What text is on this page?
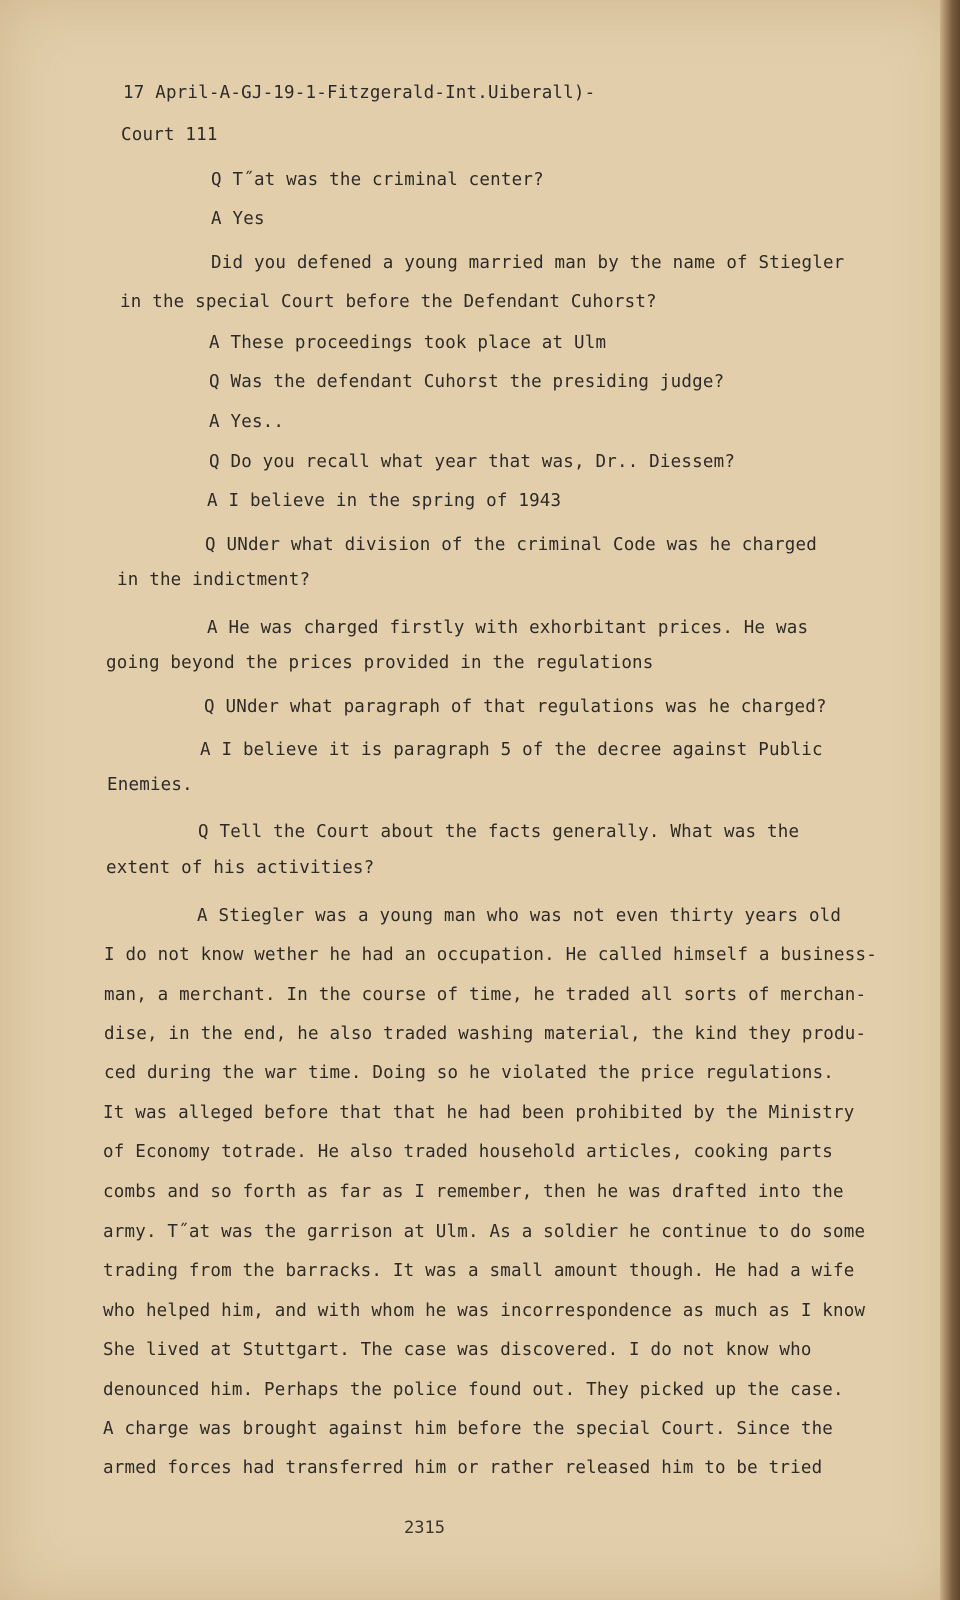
17 April-A-GJ-19-1-Fitzgerald-Int.Uiberall)-
Court 111
Q T˝at was the criminal center?
A Yes
Did you defened a young married man by the name of Stiegler
in the special Court before the Defendant Cuhorst?
A These proceedings took place at Ulm
Q Was the defendant Cuhorst the presiding judge?
A Yes..
Q Do you recall what year that was, Dr.. Diessem?
A I believe in the spring of 1943
Q UNder what division of the criminal Code was he charged
in the indictment?
A He was charged firstly with exhorbitant prices. He was
going beyond the prices provided in the regulations
Q UNder what paragraph of that regulations was he charged?
A I believe it is paragraph 5 of the decree against Public
Enemies.
Q Tell the Court about the facts generally. What was the
extent of his activities?
A Stiegler was a young man who was not even thirty years old
I do not know wether he had an occupation. He called himself a business-
man, a merchant. In the course of time, he traded all sorts of merchan-
dise, in the end, he also traded washing material, the kind they produ-
ced during the war time. Doing so he violated the price regulations.
It was alleged before that that he had been prohibited by the Ministry
of Economy totrade. He also traded household articles, cooking parts
combs and so forth as far as I remember, then he was drafted into the
army. T˝at was the garrison at Ulm. As a soldier he continue to do some
trading from the barracks. It was a small amount though. He had a wife
who helped him, and with whom he was incorrespondence as much as I know
She lived at Stuttgart. The case was discovered. I do not know who
denounced him. Perhaps the police found out. They picked up the case.
A charge was brought against him before the special Court. Since the
armed forces had transferred him or rather released him to be tried
2315
